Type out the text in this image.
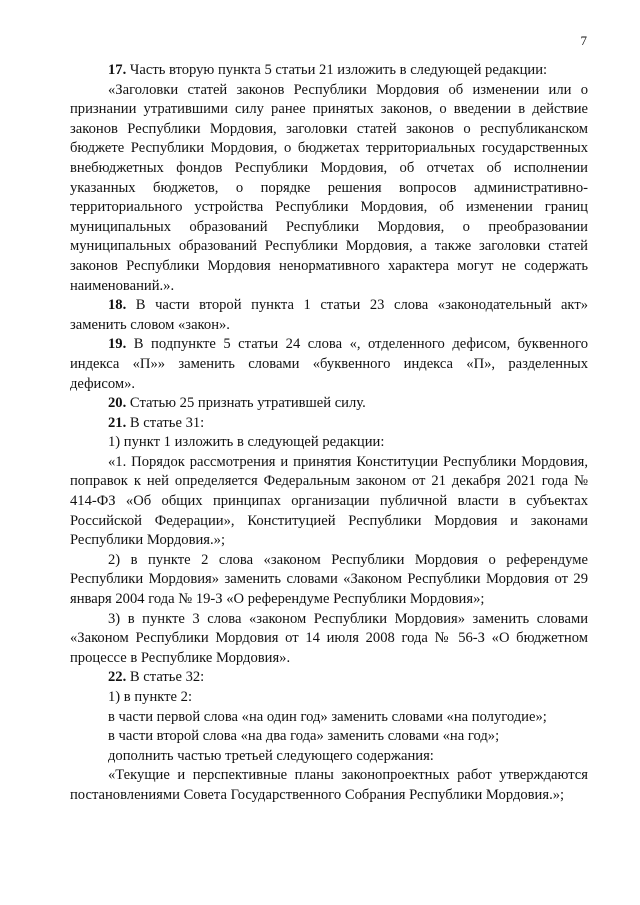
7

17. Часть вторую пункта 5 статьи 21 изложить в следующей редакции:

«Заголовки статей законов Республики Мордовия об изменении или о признании утратившими силу ранее принятых законов, о введении в действие законов Республики Мордовия, заголовки статей законов о республиканском бюджете Республики Мордовия, о бюджетах территориальных государственных внебюджетных фондов Республики Мордовия, об отчетах об исполнении указанных бюджетов, о порядке решения вопросов административно-территориального устройства Республики Мордовия, об изменении границ муниципальных образований Республики Мордовия, о преобразовании муниципальных образований Республики Мордовия, а также заголовки статей законов Республики Мордовия ненормативного характера могут не содержать наименований.».

18. В части второй пункта 1 статьи 23 слова «законодательный акт» заменить словом «закон».

19. В подпункте 5 статьи 24 слова «, отделенного дефисом, буквенного индекса «П»» заменить словами «буквенного индекса «П», разделенных дефисом».

20. Статью 25 признать утратившей силу.

21. В статье 31:

1) пункт 1 изложить в следующей редакции:

«1. Порядок рассмотрения и принятия Конституции Республики Мордовия, поправок к ней определяется Федеральным законом от 21 декабря 2021 года № 414-ФЗ «Об общих принципах организации публичной власти в субъектах Российской Федерации», Конституцией Республики Мордовия и законами Республики Мордовия.»;

2) в пункте 2 слова «законом Республики Мордовия о референдуме Республики Мордовия» заменить словами «Законом Республики Мордовия от 29 января 2004 года № 19-З «О референдуме Республики Мордовия»;

3) в пункте 3 слова «законом Республики Мордовия» заменить словами «Законом Республики Мордовия от 14 июля 2008 года № 56-З «О бюджетном процессе в Республике Мордовия».

22. В статье 32:

1) в пункте 2:

в части первой слова «на один год» заменить словами «на полугодие»;

в части второй слова «на два года» заменить словами «на год»;

дополнить частью третьей следующего содержания:

«Текущие и перспективные планы законопроектных работ утверждаются постановлениями Совета Государственного Собрания Республики Мордовия.»;
